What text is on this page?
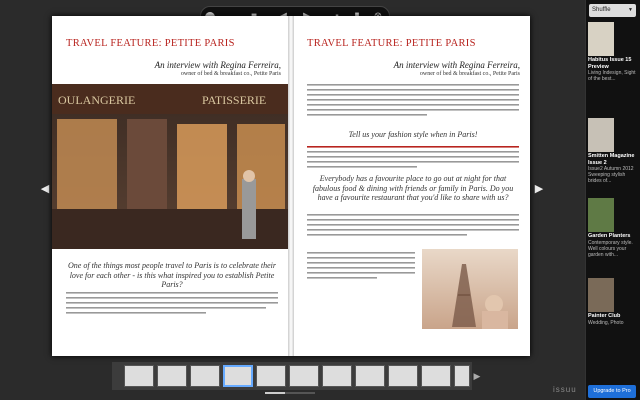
◀	▶
TRAVEL FEATURE: PETITE PARIS
An interview with Regina Ferreira,
owner of bed & breakfast co., Petite Paris
OULANGERIE	PATISSERIE
One of the things most people travel to Paris is to celebrate their love for each other - is this what inspired you to establish Petite Paris?
TRAVEL FEATURE: PETITE PARIS
An interview with Regina Ferreira,
owner of bed & breakfast co., Petite Paris
Tell us your fashion style when in Paris!
Everybody has a favourite place to go out at night for that fabulous food & dining with friends or family in Paris. Do you have a favourite restaurant that you'd like to share with us?
▶
issuu
Shuffle	▼
Habitus Issue 15 Preview
Living Indesign, Sight of the best...
Smitten Magazine Issue 2
Issue2 Autumn 2012 Sweeping stylish brides of...
Garden Planters
Contemporary style. Well colours your garden with...
Painter Club
Wedding, Photo
Upgrade to Pro
